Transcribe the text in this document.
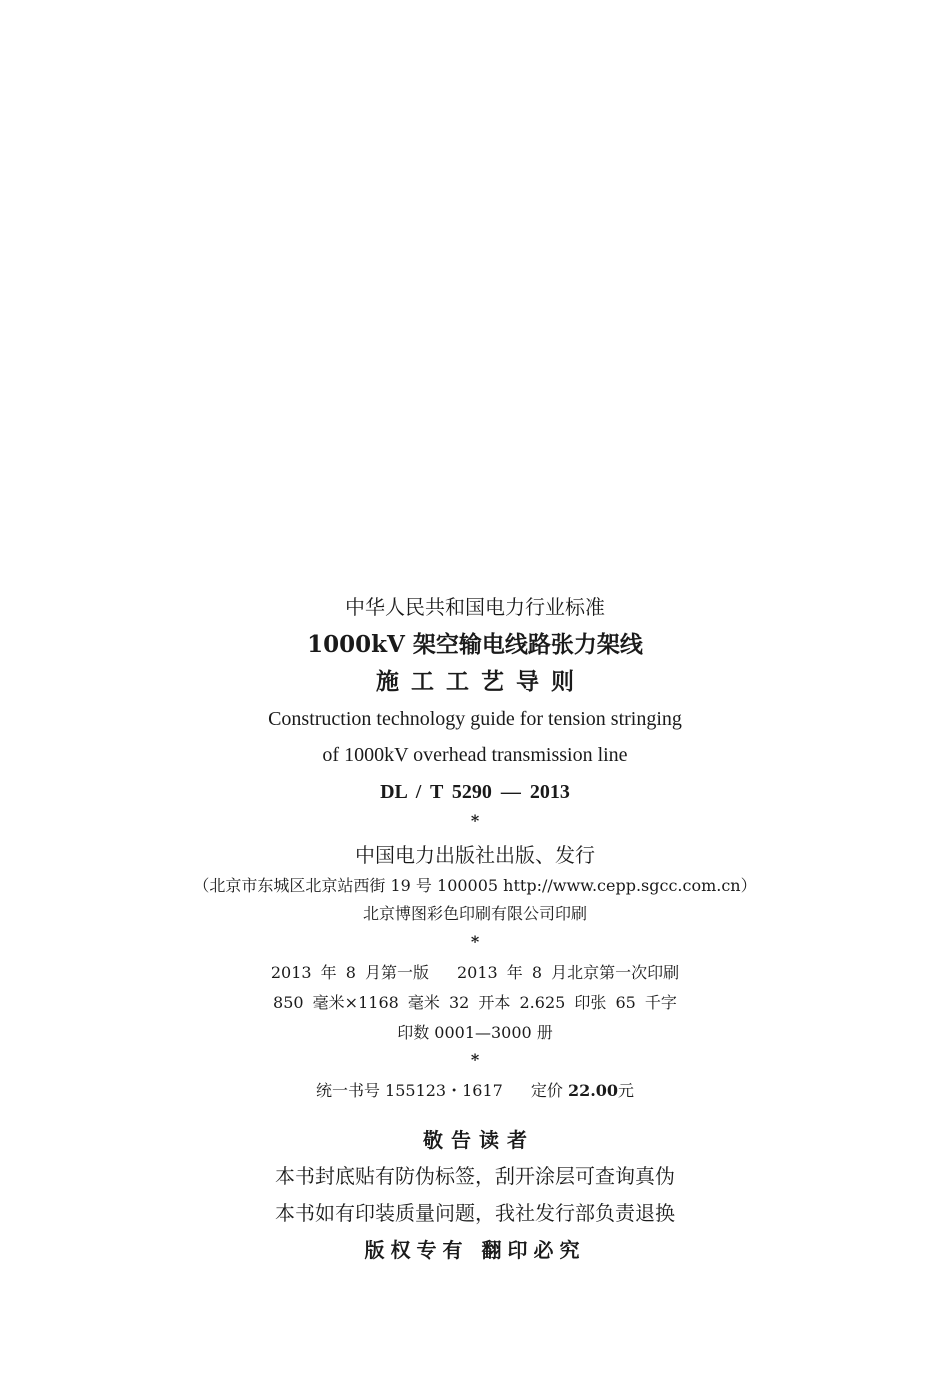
中华人民共和国电力行业标准
1000kV 架空输电线路张力架线
施工工艺导则
Construction technology guide for tension stringing
of 1000kV overhead transmission line
DL / T 5290 — 2013
*
中国电力出版社出版、发行
（北京市东城区北京站西街 19 号 100005 http://www.cepp.sgcc.com.cn）
北京博图彩色印刷有限公司印刷
*
2013 年 8 月第一版 2013 年 8 月北京第一次印刷
850 毫米×1168 毫米 32 开本 2.625 印张 65 千字
印数 0001—3000 册
*
统一书号 155123・1617 定价 22.00元
敬告读者
本书封底贴有防伪标签，刮开涂层可查询真伪
本书如有印装质量问题，我社发行部负责退换
版权专有 翻印必究
